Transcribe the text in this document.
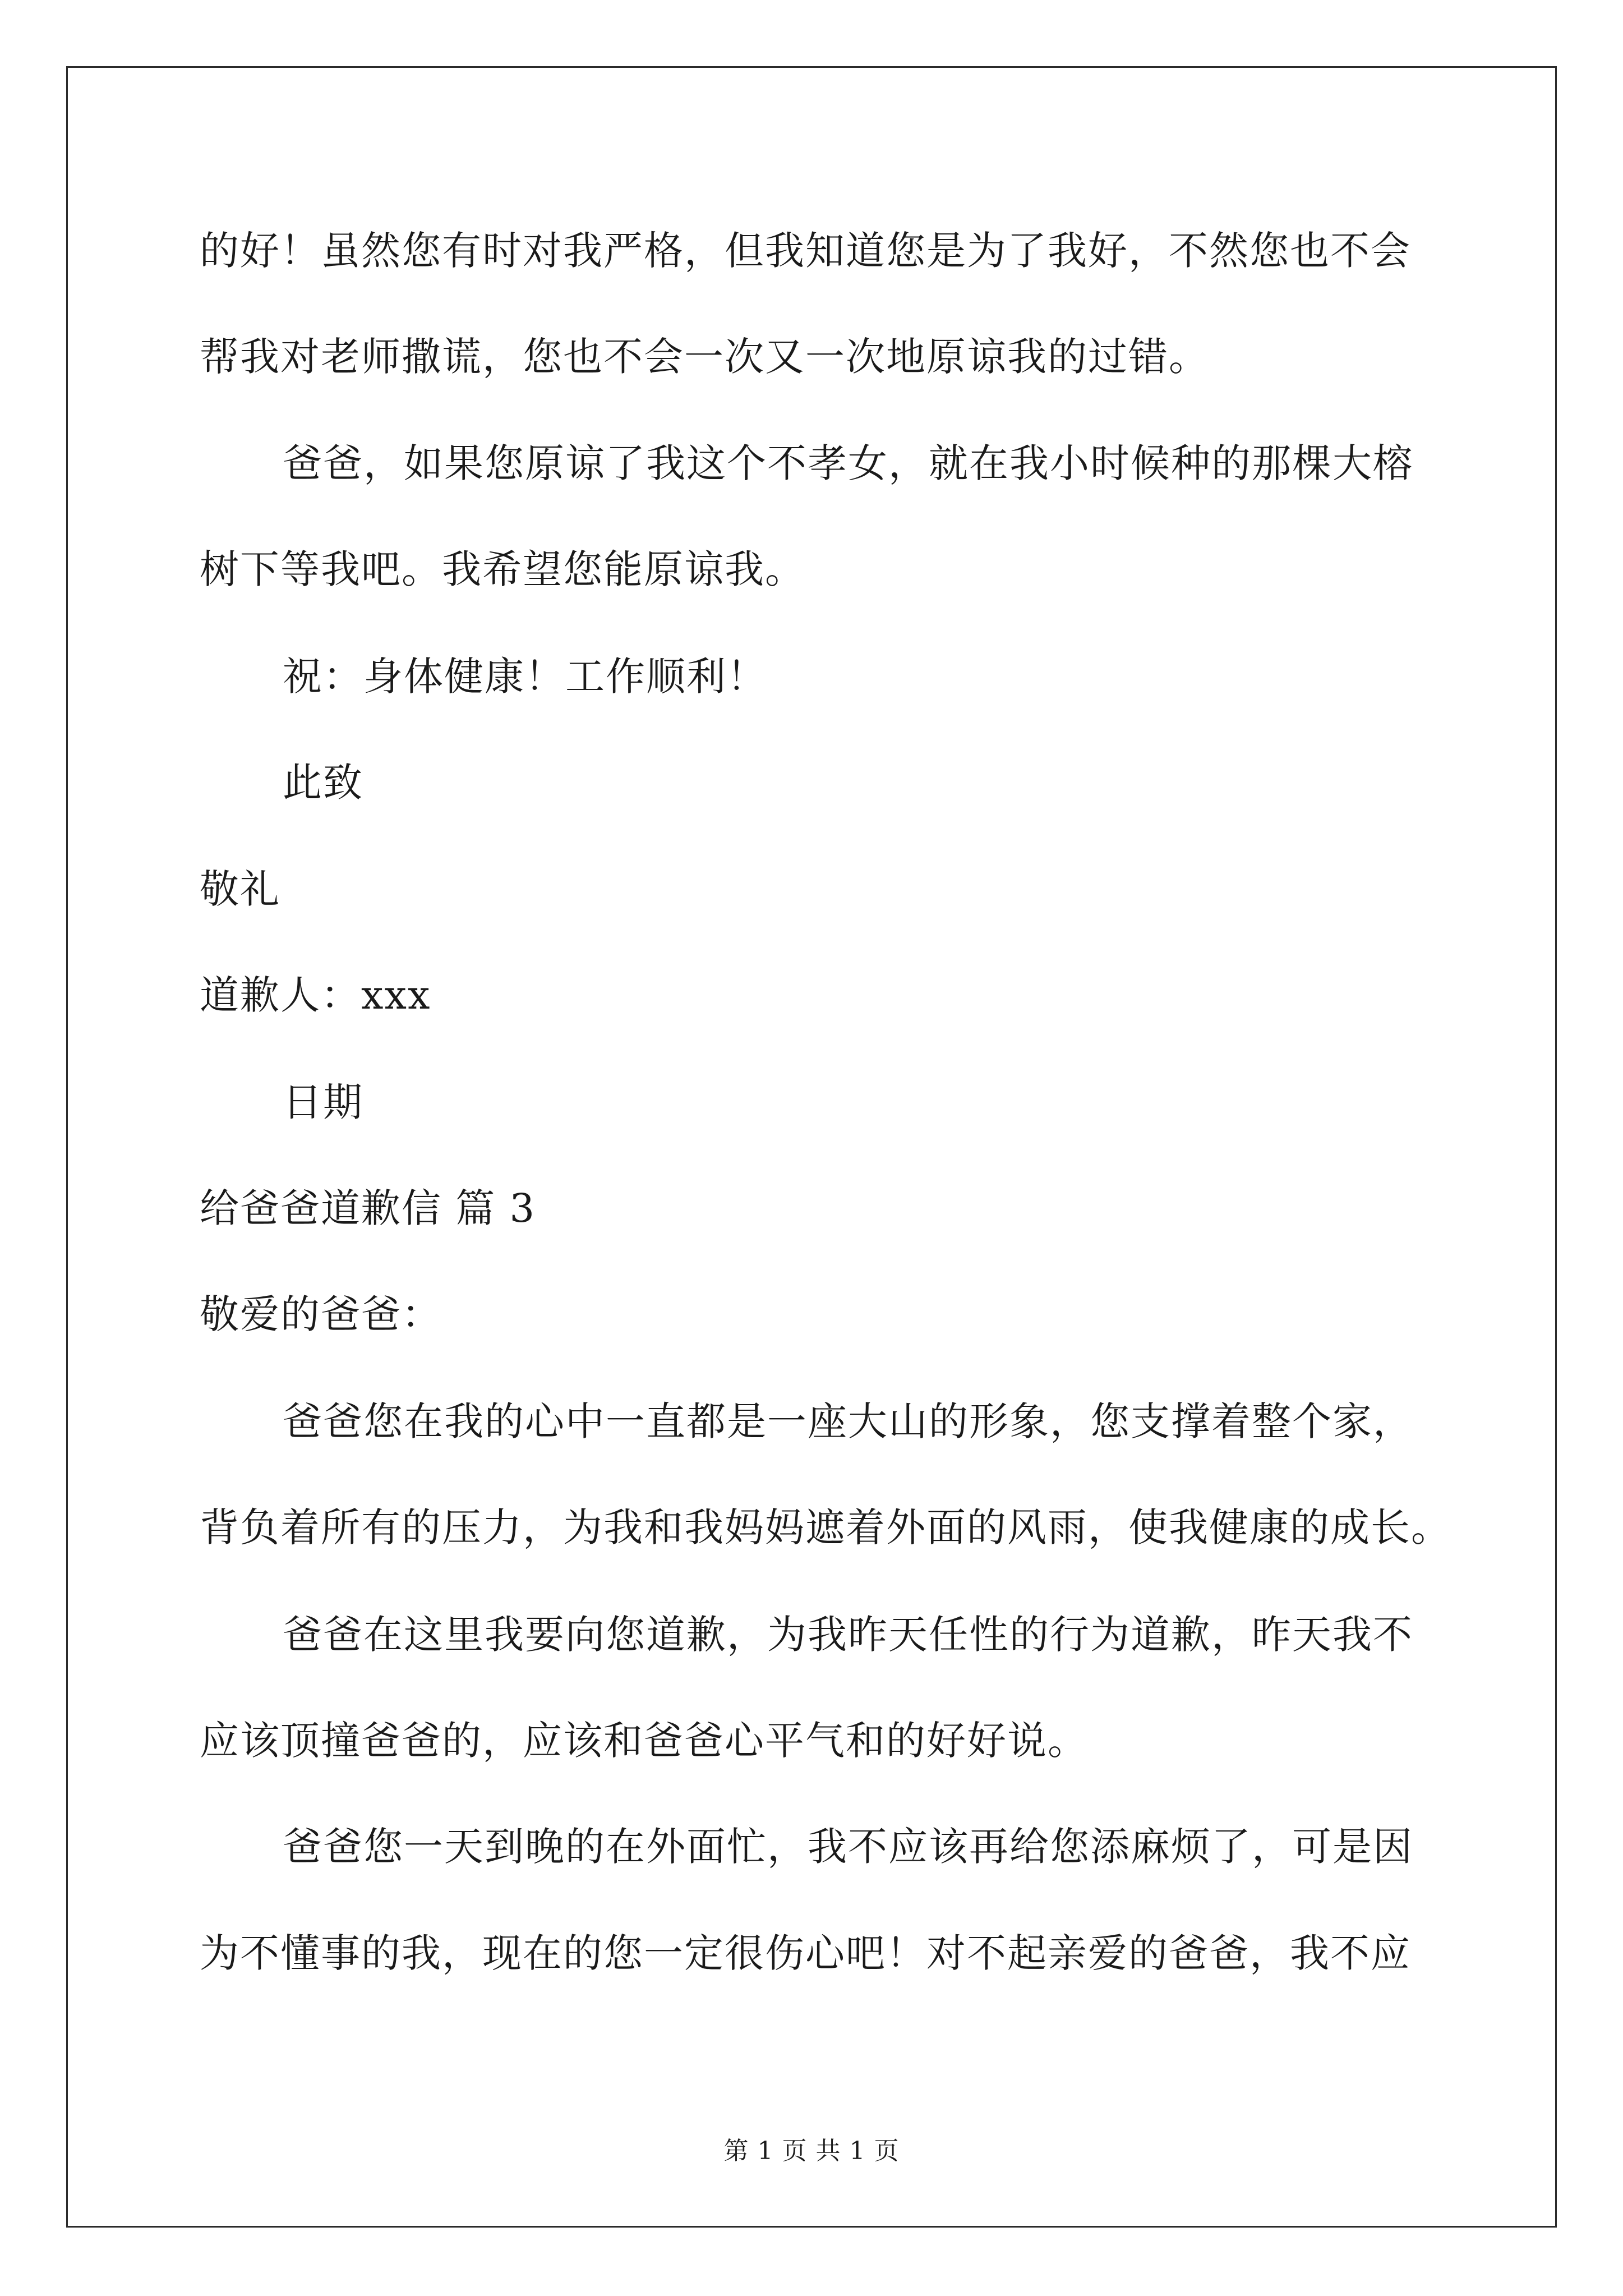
的好！虽然您有时对我严格，但我知道您是为了我好，不然您也不会
帮我对老师撒谎，您也不会一次又一次地原谅我的过错。
爸爸，如果您原谅了我这个不孝女，就在我小时候种的那棵大榕
树下等我吧。我希望您能原谅我。
祝：身体健康！工作顺利！
此致
敬礼
道歉人：xxx
日期
给爸爸道歉信 篇 3
敬爱的爸爸：
爸爸您在我的心中一直都是一座大山的形象，您支撑着整个家，
背负着所有的压力，为我和我妈妈遮着外面的风雨，使我健康的成长。
爸爸在这里我要向您道歉，为我昨天任性的行为道歉，昨天我不
应该顶撞爸爸的，应该和爸爸心平气和的好好说。
爸爸您一天到晚的在外面忙，我不应该再给您添麻烦了，可是因
为不懂事的我，现在的您一定很伤心吧！对不起亲爱的爸爸，我不应
第 1 页 共 1 页
